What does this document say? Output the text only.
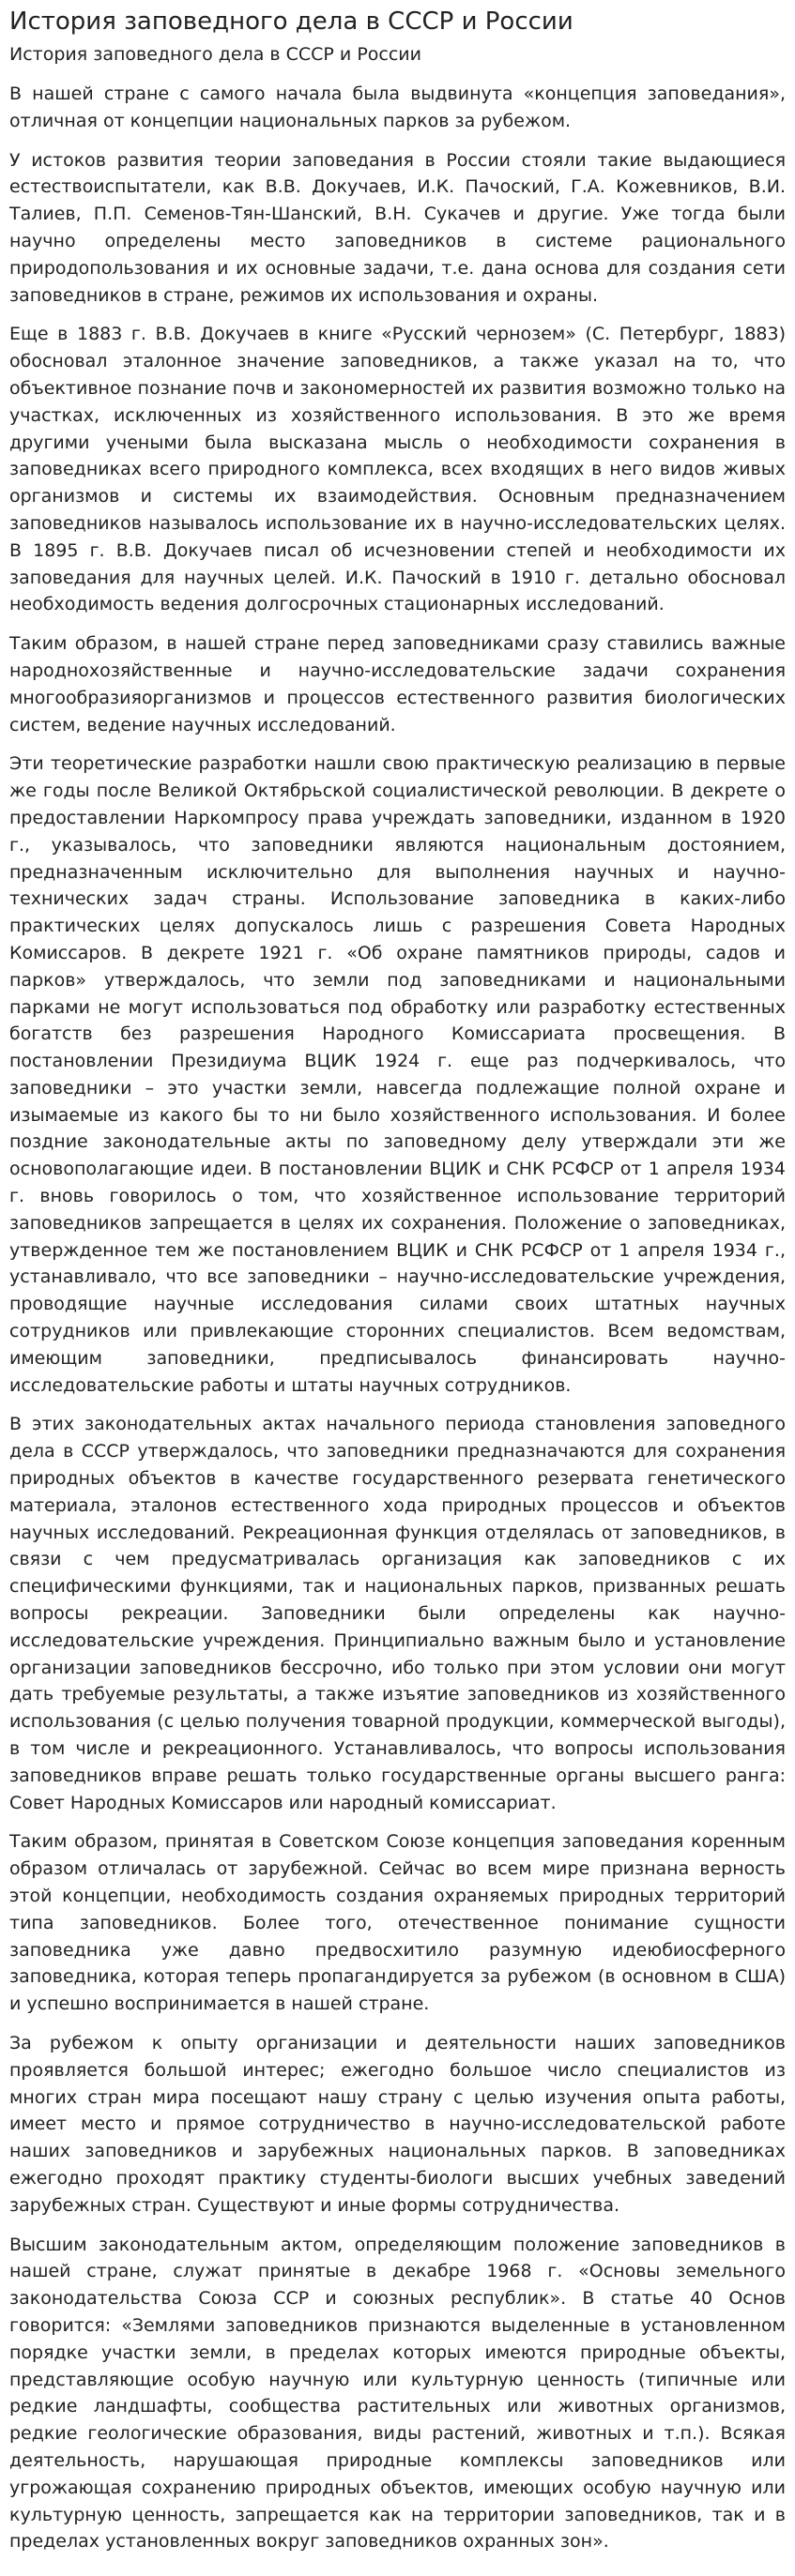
История заповедного дела в СССР и России
История заповедного дела в СССР и России

В нашей стране с самого начала была выдвинута «концепция заповедания», отличная от концепции национальных парков за рубежом.

У истоков развития теории заповедания в России стояли такие выдающиеся естествоиспытатели, как В.В. Докучаев, И.К. Пачоский, Г.А. Кожевников, В.И. Талиев, П.П. Семенов-Тян-Шанский, В.Н. Сукачев и другие. Уже тогда были научно определены место заповедников в системе рационального природопользования и их основные задачи, т.е. дана основа для создания сети заповедников в стране, режимов их использования и охраны.

Еще в 1883 г. В.В. Докучаев в книге «Русский чернозем» (С. Петербург, 1883) обосновал эталонное значение заповедников, а также указал на то, что объективное познание почв и закономерностей их развития возможно только на участках, исключенных из хозяйственного использования. В это же время другими учеными была высказана мысль о необходимости сохранения в заповедниках всего природного комплекса, всех входящих в него видов живых организмов и системы их взаимодействия. Основным предназначением заповедников называлось использование их в научно-исследовательских целях. В 1895 г. В.В. Докучаев писал об исчезновении степей и необходимости их заповедания для научных целей. И.К. Пачоский в 1910 г. детально обосновал необходимость ведения долгосрочных стационарных исследований.

Таким образом, в нашей стране перед заповедниками сразу ставились важные народнохозяйственные и научно-исследовательские задачи сохранения многообразияорганизмов и процессов естественного развития биологических систем, ведение научных исследований.

Эти теоретические разработки нашли свою практическую реализацию в первые же годы после Великой Октябрьской социалистической революции. В декрете о предоставлении Наркомпросу права учреждать заповедники, изданном в 1920 г., указывалось, что заповедники являются национальным достоянием, предназначенным исключительно для выполнения научных и научно-технических задач страны. Использование заповедника в каких-либо практических целях допускалось лишь с разрешения Совета Народных Комиссаров. В декрете 1921 г. «Об охране памятников природы, садов и парков» утверждалось, что земли под заповедниками и национальными парками не могут использоваться под обработку или разработку естественных богатств без разрешения Народного Комиссариата просвещения. В постановлении Президиума ВЦИК 1924 г. еще раз подчеркивалось, что заповедники – это участки земли, навсегда подлежащие полной охране и изымаемые из какого бы то ни было хозяйственного использования. И более поздние законодательные акты по заповедному делу утверждали эти же основополагающие идеи. В постановлении ВЦИК и СНК РСФСР от 1 апреля 1934 г. вновь говорилось о том, что хозяйственное использование территорий заповедников запрещается в целях их сохранения. Положение о заповедниках, утвержденное тем же постановлением ВЦИК и СНК РСФСР от 1 апреля 1934 г., устанавливало, что все заповедники – научно-исследовательские учреждения, проводящие научные исследования силами своих штатных научных сотрудников или привлекающие сторонних специалистов. Всем ведомствам, имеющим заповедники, предписывалось финансировать научно-исследовательские работы и штаты научных сотрудников.

В этих законодательных актах начального периода становления заповедного дела в СССР утверждалось, что заповедники предназначаются для сохранения природных объектов в качестве государственного резервата генетического материала, эталонов естественного хода природных процессов и объектов научных исследований. Рекреационная функция отделялась от заповедников, в связи с чем предусматривалась организация как заповедников с их специфическими функциями, так и национальных парков, призванных решать вопросы рекреации. Заповедники были определены как научно-исследовательские учреждения. Принципиально важным было и установление организации заповедников бессрочно, ибо только при этом условии они могут дать требуемые результаты, а также изъятие заповедников из хозяйственного использования (с целью получения товарной продукции, коммерческой выгоды), в том числе и рекреационного. Устанавливалось, что вопросы использования заповедников вправе решать только государственные органы высшего ранга: Совет Народных Комиссаров или народный комиссариат.

Таким образом, принятая в Советском Союзе концепция заповедания коренным образом отличалась от зарубежной. Сейчас во всем мире признана верность этой концепции, необходимость создания охраняемых природных территорий типа заповедников. Более того, отечественное понимание сущности заповедника уже давно предвосхитило разумную идеюбиосферного заповедника, которая теперь пропагандируется за рубежом (в основном в США) и успешно воспринимается в нашей стране.

За рубежом к опыту организации и деятельности наших заповедников проявляется большой интерес; ежегодно большое число специалистов из многих стран мира посещают нашу страну с целью изучения опыта работы, имеет место и прямое сотрудничество в научно-исследовательской работе наших заповедников и зарубежных национальных парков. В заповедниках ежегодно проходят практику студенты-биологи высших учебных заведений зарубежных стран. Существуют и иные формы сотрудничества.

Высшим законодательным актом, определяющим положение заповедников в нашей стране, служат принятые в декабре 1968 г. «Основы земельного законодательства Союза ССР и союзных республик». В статье 40 Основ говорится: «Землями заповедников признаются выделенные в установленном порядке участки земли, в пределах которых имеются природные объекты, представляющие особую научную или культурную ценность (типичные или редкие ландшафты, сообщества растительных или животных организмов, редкие геологические образования, виды растений, животных и т.п.). Всякая деятельность, нарушающая природные комплексы заповедников или угрожающая сохранению природных объектов, имеющих особую научную или культурную ценность, запрещается как на территории заповедников, так и в пределах установленных вокруг заповедников охранных зон».
